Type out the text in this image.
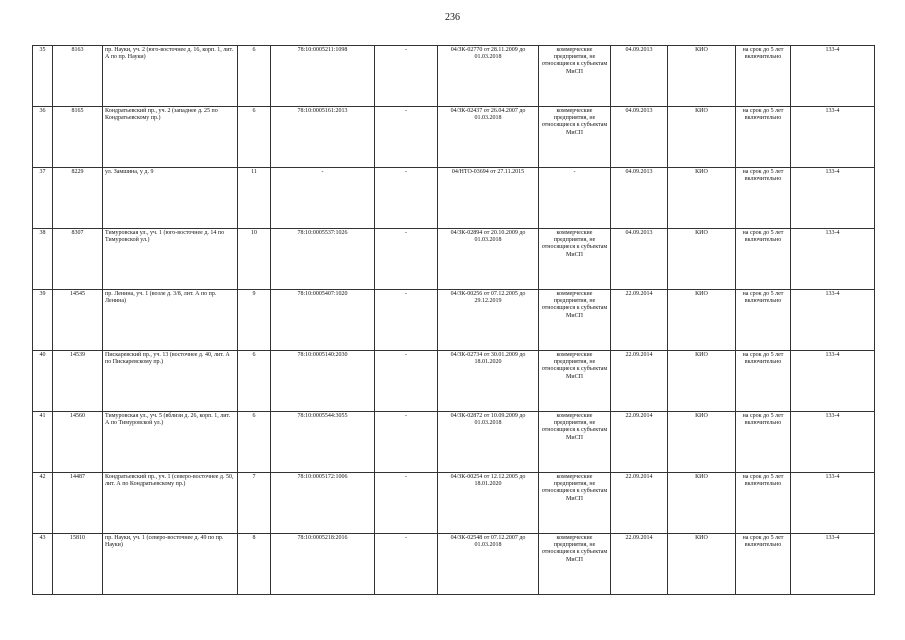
236
35	8163	пр. Науки, уч. 2 (юго-восточнее д. 16, корп. 1, лит. А по пр. Науки)	6	78:10:0005211:1098	-	04/ЗК-02770 от 28.11.2009 до 01.03.2018	коммерческие предприятия, не относящиеся к субъектам МиСП	04.09.2013	КИО	на срок до 5 лет включительно	133-4
36	8165	Кондратьевский пр., уч. 2 (западнее д. 25 по Кондратьевскому пр.)	6	78:10:0005161:2013	-	04/ЗК-02437 от 26.04.2007 до 01.03.2018	коммерческие предприятия, не относящиеся к субъектам МиСП	04.09.2013	КИО	на срок до 5 лет включительно	133-4
37	8229	ул. Замшина, у д. 9	11	-	-	04/НТО-03694 от 27.11.2015	-	04.09.2013	КИО	на срок до 5 лет включительно	133-4
38	8307	Тимуровская ул., уч. 1 (юго-восточнее д. 14 по Тимуровской ул.)	10	78:10:0005537:1026	-	04/ЗК-02894 от 20.10.2009 до 01.03.2018	коммерческие предприятия, не относящиеся к субъектам МиСП	04.09.2013	КИО	на срок до 5 лет включительно	133-4
39	14545	пр. Ленина, уч. 1 (возле д. 3/8, лит. А по пр. Ленина)	9	78:10:0005407:1020	-	04/ЗК-00256 от 07.12.2005 до 29.12.2019	коммерческие предприятия, не относящиеся к субъектам МиСП	22.09.2014	КИО	на срок до 5 лет включительно	133-4
40	14539	Пискаревский пр., уч. 13 (восточнее д. 40, лит. А по Пискаревскому пр.)	6	78:10:0005140:2030	-	04/ЗК-02734 от 30.01.2009 до 18.01.2020	коммерческие предприятия, не относящиеся к субъектам МиСП	22.09.2014	КИО	на срок до 5 лет включительно	133-4
41	14560	Тимуровская ул., уч. 5 (вблизи д. 26, корп. 1, лит. А по Тимуровской ул.)	6	78:10:0005544:3055	-	04/ЗК-02872 от 10.09.2009 до 01.03.2018	коммерческие предприятия, не относящиеся к субъектам МиСП	22.09.2014	КИО	на срок до 5 лет включительно	133-4
42	14487	Кондратьевский пр., уч. 1 (северо-восточнее д. 50, лит. А по Кондратьевскому пр.)	7	78:10:0005172:1006	-	04/ЗК-00254 от 12.12.2005 до 18.01.2020	коммерческие предприятия, не относящиеся к субъектам МиСП	22.09.2014	КИО	на срок до 5 лет включительно	133-4
43	15810	пр. Науки, уч. 1 (северо-восточнее д. 49 по пр. Науки)	8	78:10:0005218:2016	-	04/ЗК-02548 от 07.12.2007 до 01.03.2018	коммерческие предприятия, не относящиеся к субъектам МиСП	22.09.2014	КИО	на срок до 5 лет включительно	133-4
